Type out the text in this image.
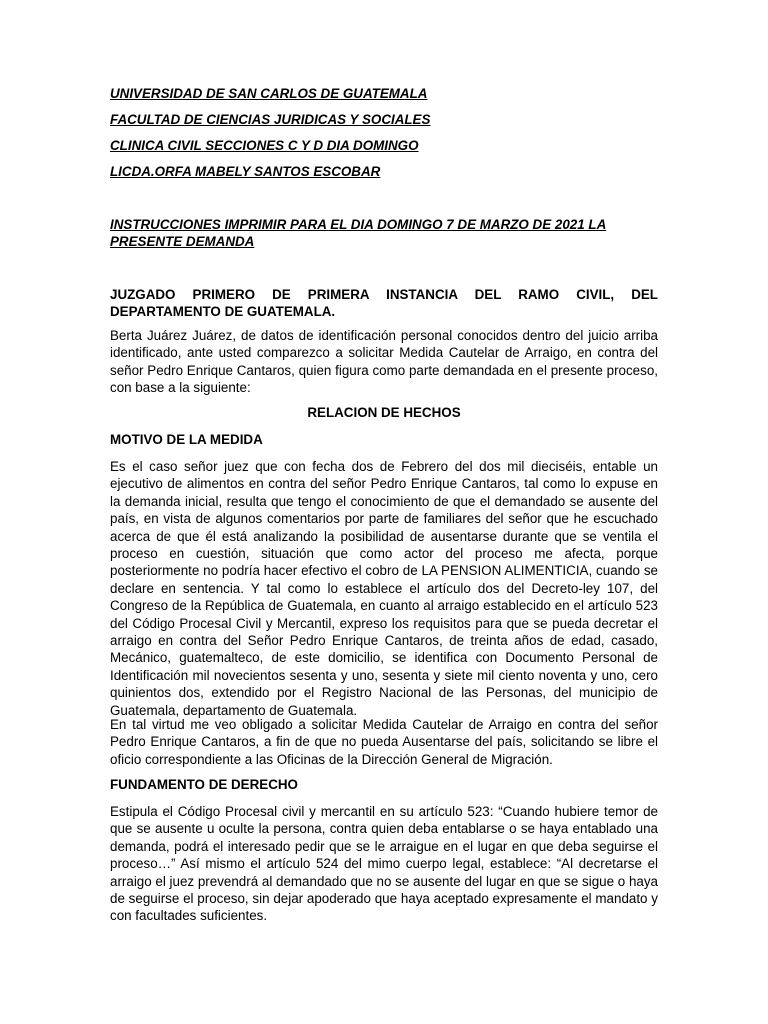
UNIVERSIDAD DE SAN CARLOS DE GUATEMALA
FACULTAD DE CIENCIAS JURIDICAS Y SOCIALES
CLINICA CIVIL SECCIONES C Y D DIA DOMINGO
LICDA.ORFA MABELY SANTOS ESCOBAR
INSTRUCCIONES IMPRIMIR PARA EL DIA DOMINGO 7 DE MARZO DE 2021 LA PRESENTE DEMANDA
JUZGADO PRIMERO DE PRIMERA INSTANCIA DEL RAMO CIVIL, DEL DEPARTAMENTO DE GUATEMALA.
Berta Juárez Juárez, de datos de identificación personal conocidos dentro del juicio arriba identificado, ante usted comparezco a solicitar Medida Cautelar de Arraigo, en contra del señor Pedro Enrique Cantaros, quien figura como parte demandada en el presente proceso, con base a la siguiente:
RELACION DE HECHOS
MOTIVO DE LA MEDIDA
Es el caso señor juez que con fecha dos de Febrero del dos mil dieciséis, entable un ejecutivo de alimentos en contra del señor Pedro Enrique Cantaros, tal como lo expuse en la demanda inicial, resulta que tengo el conocimiento de que el demandado se ausente del país, en vista de algunos comentarios por parte de familiares del señor que he escuchado acerca de que él está analizando la posibilidad de ausentarse durante que se ventila el proceso en cuestión, situación que como actor del proceso me afecta, porque posteriormente no podría hacer efectivo el cobro de LA PENSION ALIMENTICIA, cuando se declare en sentencia. Y tal como lo establece el artículo dos del Decreto-ley 107, del Congreso de la República de Guatemala, en cuanto al arraigo establecido en el artículo 523 del Código Procesal Civil y Mercantil, expreso los requisitos para que se pueda decretar el arraigo en contra del Señor Pedro Enrique Cantaros, de treinta años de edad, casado, Mecánico, guatemalteco, de este domicilio, se identifica con Documento Personal de Identificación mil novecientos sesenta y uno, sesenta y siete mil ciento noventa y uno, cero quinientos dos, extendido por el Registro Nacional de las Personas, del municipio de Guatemala, departamento de Guatemala.
En tal virtud me veo obligado a solicitar Medida Cautelar de Arraigo en contra del señor Pedro Enrique Cantaros, a fin de que no pueda Ausentarse del país, solicitando se libre el oficio correspondiente a las Oficinas de la Dirección General de Migración.
FUNDAMENTO DE DERECHO
Estipula el Código Procesal civil y mercantil en su artículo 523: “Cuando hubiere temor de que se ausente u oculte la persona, contra quien deba entablarse o se haya entablado una demanda, podrá el interesado pedir que se le arraigue en el lugar en que deba seguirse el proceso…” Así mismo el artículo 524 del mimo cuerpo legal, establece: “Al decretarse el arraigo el juez prevendrá al demandado que no se ausente del lugar en que se sigue o haya de seguirse el proceso, sin dejar apoderado que haya aceptado expresamente el mandato y con facultades suficientes.
